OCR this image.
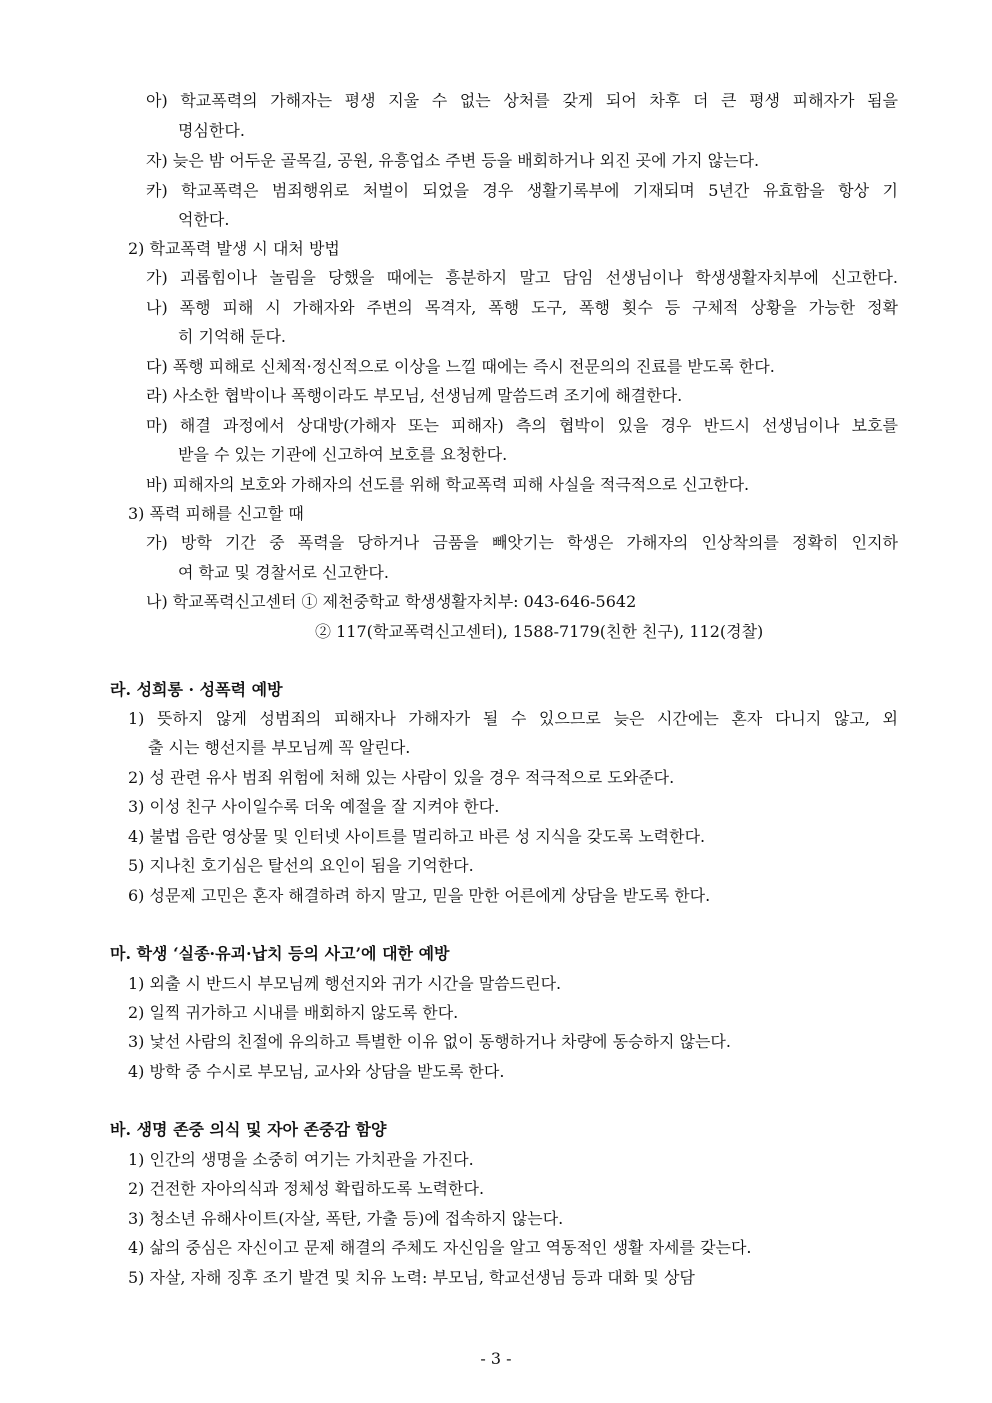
아) 학교폭력의 가해자는 평생 지울 수 없는 상처를 갖게 되어 차후 더 큰 평생 피해자가 됨을
명심한다.
자) 늦은 밤 어두운 골목길, 공원, 유흥업소 주변 등을 배회하거나 외진 곳에 가지 않는다.
카) 학교폭력은 범죄행위로 처벌이 되었을 경우 생활기록부에 기재되며 5년간 유효함을 항상 기
억한다.
2) 학교폭력 발생 시 대처 방법
가) 괴롭힘이나 놀림을 당했을 때에는 흥분하지 말고 담임 선생님이나 학생생활자치부에 신고한다.
나) 폭행 피해 시 가해자와 주변의 목격자, 폭행 도구, 폭행 횟수 등 구체적 상황을 가능한 정확
히 기억해 둔다.
다) 폭행 피해로 신체적·정신적으로 이상을 느낄 때에는 즉시 전문의의 진료를 받도록 한다.
라) 사소한 협박이나 폭행이라도 부모님, 선생님께 말씀드려 조기에 해결한다.
마) 해결 과정에서 상대방(가해자 또는 피해자) 측의 협박이 있을 경우 반드시 선생님이나 보호를
받을 수 있는 기관에 신고하여 보호를 요청한다.
바) 피해자의 보호와 가해자의 선도를 위해 학교폭력 피해 사실을 적극적으로 신고한다.
3) 폭력 피해를 신고할 때
가) 방학 기간 중 폭력을 당하거나 금품을 빼앗기는 학생은 가해자의 인상착의를 정확히 인지하
여 학교 및 경찰서로 신고한다.
나) 학교폭력신고센터 ① 제천중학교 학생생활자치부: 043-646-5642
② 117(학교폭력신고센터), 1588-7179(친한 친구), 112(경찰)
라. 성희롱 · 성폭력 예방
1) 뜻하지 않게 성범죄의 피해자나 가해자가 될 수 있으므로 늦은 시간에는 혼자 다니지 않고, 외
출 시는 행선지를 부모님께 꼭 알린다.
2) 성 관련 유사 범죄 위험에 처해 있는 사람이 있을 경우 적극적으로 도와준다.
3) 이성 친구 사이일수록 더욱 예절을 잘 지켜야 한다.
4) 불법 음란 영상물 및 인터넷 사이트를 멀리하고 바른 성 지식을 갖도록 노력한다.
5) 지나친 호기심은 탈선의 요인이 됨을 기억한다.
6) 성문제 고민은 혼자 해결하려 하지 말고, 믿을 만한 어른에게 상담을 받도록 한다.
마. 학생 ‘실종·유괴·납치 등의 사고’에 대한 예방
1) 외출 시 반드시 부모님께 행선지와 귀가 시간을 말씀드린다.
2) 일찍 귀가하고 시내를 배회하지 않도록 한다.
3) 낯선 사람의 친절에 유의하고 특별한 이유 없이 동행하거나 차량에 동승하지 않는다.
4) 방학 중 수시로 부모님, 교사와 상담을 받도록 한다.
바. 생명 존중 의식 및 자아 존중감 함양
1) 인간의 생명을 소중히 여기는 가치관을 가진다.
2) 건전한 자아의식과 정체성 확립하도록 노력한다.
3) 청소년 유해사이트(자살, 폭탄, 가출 등)에 접속하지 않는다.
4) 삶의 중심은 자신이고 문제 해결의 주체도 자신임을 알고 역동적인 생활 자세를 갖는다.
5) 자살, 자해 징후 조기 발견 및 치유 노력: 부모님, 학교선생님 등과 대화 및 상담
- 3 -
